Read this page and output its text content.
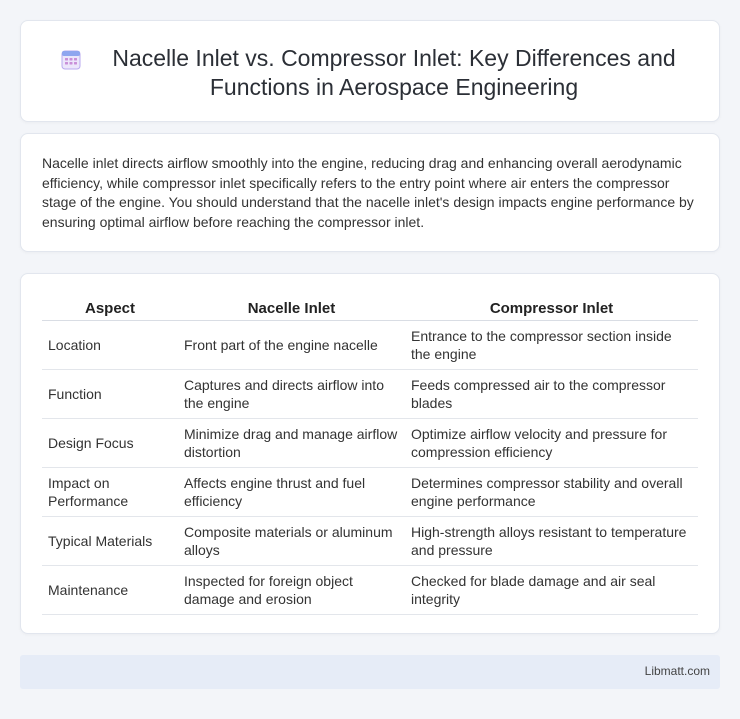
Nacelle Inlet vs. Compressor Inlet: Key Differences and Functions in Aerospace Engineering

Nacelle inlet directs airflow smoothly into the engine, reducing drag and enhancing overall aerodynamic efficiency, while compressor inlet specifically refers to the entry point where air enters the compressor stage of the engine. You should understand that the nacelle inlet's design impacts engine performance by ensuring optimal airflow before reaching the compressor inlet.

Aspect	Nacelle Inlet	Compressor Inlet
Location	Front part of the engine nacelle	Entrance to the compressor section inside the engine
Function	Captures and directs airflow into the engine	Feeds compressed air to the compressor blades
Design Focus	Minimize drag and manage airflow distortion	Optimize airflow velocity and pressure for compression efficiency
Impact on Performance	Affects engine thrust and fuel efficiency	Determines compressor stability and overall engine performance
Typical Materials	Composite materials or aluminum alloys	High-strength alloys resistant to temperature and pressure
Maintenance	Inspected for foreign object damage and erosion	Checked for blade damage and air seal integrity
Libmatt.com
